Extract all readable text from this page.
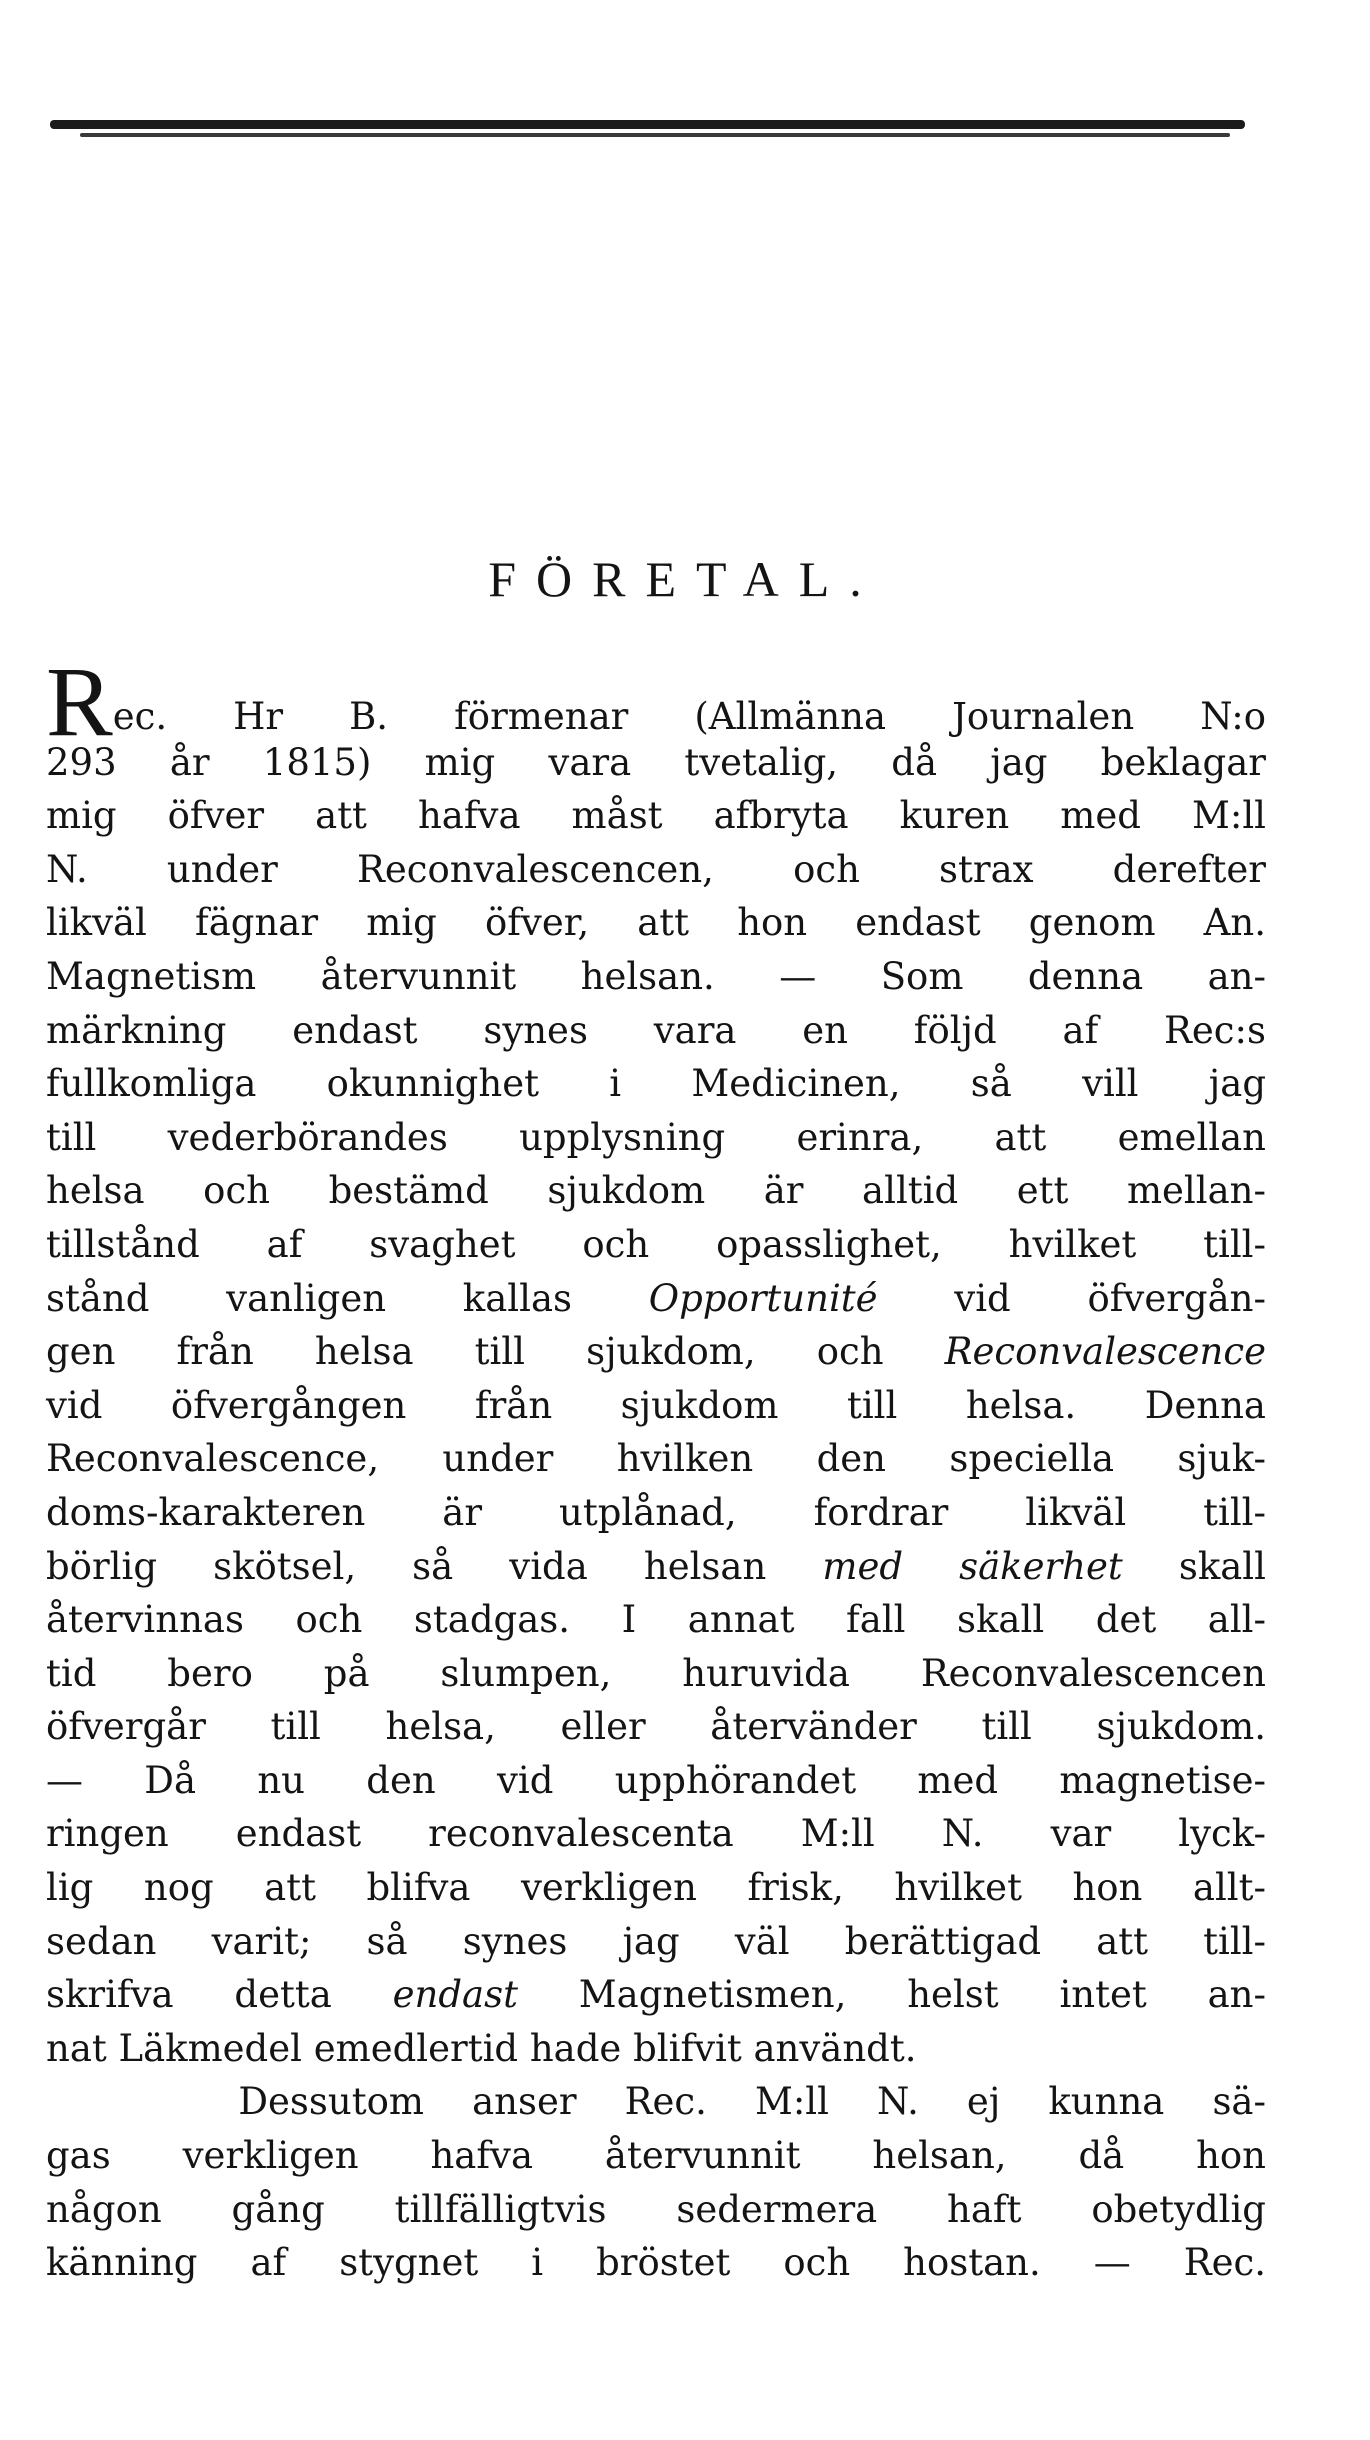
FÖRETAL.
Rec. Hr B. förmenar (Allmänna Journalen N:o
293 år 1815) mig vara tvetalig, då jag beklagar
mig öfver att hafva måst afbryta kuren med M:ll
N. under Reconvalescencen, och strax derefter
likväl fägnar mig öfver, att hon endast genom An.
Magnetism återvunnit helsan. — Som denna an-
märkning endast synes vara en följd af Rec:s
fullkomliga okunnighet i Medicinen, så vill jag
till vederbörandes upplysning erinra, att emellan
helsa och bestämd sjukdom är alltid ett mellan-
tillstånd af svaghet och opasslighet, hvilket till-
stånd vanligen kallas Opportunité vid öfvergån-
gen från helsa till sjukdom, och Reconvalescence
vid öfvergången från sjukdom till helsa. Denna
Reconvalescence, under hvilken den speciella sjuk-
doms-karakteren är utplånad, fordrar likväl till-
börlig skötsel, så vida helsan med säkerhet skall
återvinnas och stadgas. I annat fall skall det all-
tid bero på slumpen, huruvida Reconvalescencen
öfvergår till helsa, eller återvänder till sjukdom.
— Då nu den vid upphörandet med magnetise-
ringen endast reconvalescenta M:ll N. var lyck-
lig nog att blifva verkligen frisk, hvilket hon allt-
sedan varit; så synes jag väl berättigad att till-
skrifva detta endast Magnetismen, helst intet an-
nat Läkmedel emedlertid hade blifvit användt.
Dessutom anser Rec. M:ll N. ej kunna sä-
gas verkligen hafva återvunnit helsan, då hon
någon gång tillfälligtvis sedermera haft obetydlig
känning af stygnet i bröstet och hostan. — Rec.
